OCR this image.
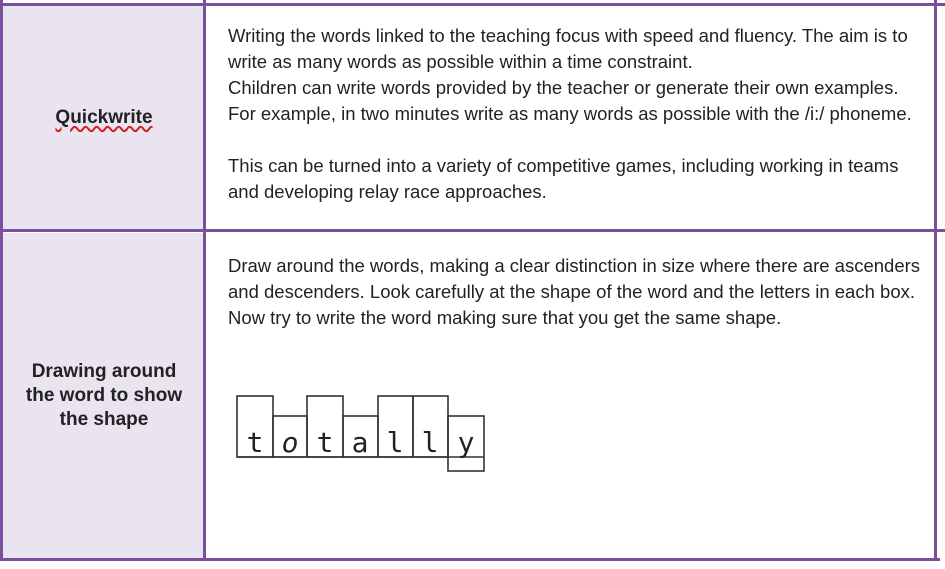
Quickwrite
Drawing around the word to show the shape

Writing the words linked to the teaching focus with speed and fluency. The aim is to write as many words as possible within a time constraint.

Children can write words provided by the teacher or generate their own examples. For example, in two minutes write as many words as possible with the /i:/ phoneme.

This can be turned into a variety of competitive games, including working in teams and developing relay race approaches.

Draw around the words, making a clear distinction in size where there are ascenders and descenders. Look carefully at the shape of the word and the letters in each box. Now try to write the word making sure that you get the same shape.

t o t a l l y
